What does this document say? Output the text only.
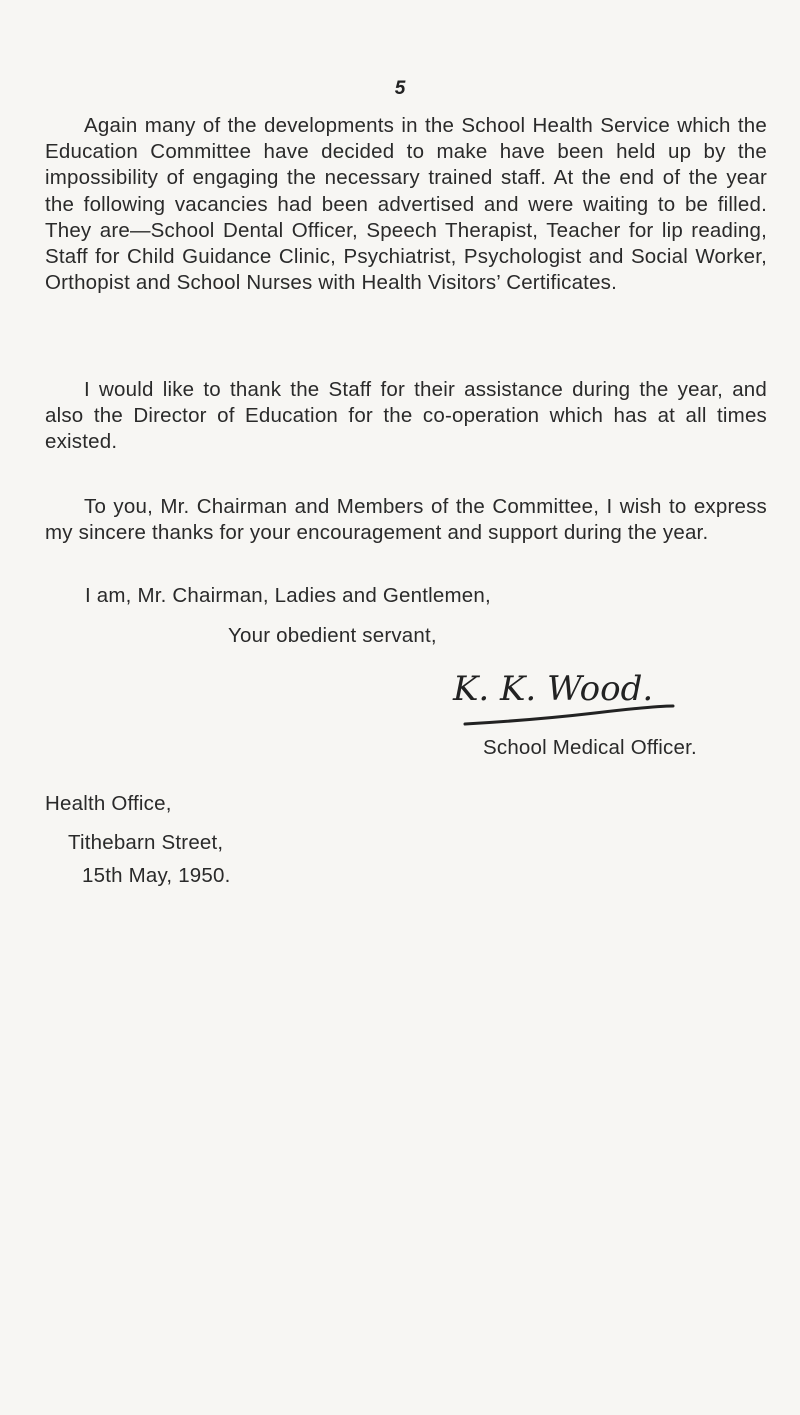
5

Again many of the developments in the School Health Service which the Education Committee have decided to make have been held up by the impossibility of engaging the necessary trained staff. At the end of the year the following vacancies had been advertised and were waiting to be filled. They are—School Dental Officer, Speech Therapist, Teacher for lip reading, Staff for Child Guidance Clinic, Psychiatrist, Psychologist and Social Worker, Orthopist and School Nurses with Health Visitors’ Certificates.

I would like to thank the Staff for their assistance during the year, and also the Director of Education for the co-operation which has at all times existed.

To you, Mr. Chairman and Members of the Committee, I wish to express my sincere thanks for your encouragement and support during the year.

I am, Mr. Chairman, Ladies and Gentlemen,
Your obedient servant,
K. K. Wood.
School Medical Officer.
Health Office,
Tithebarn Street,
15th May, 1950.
